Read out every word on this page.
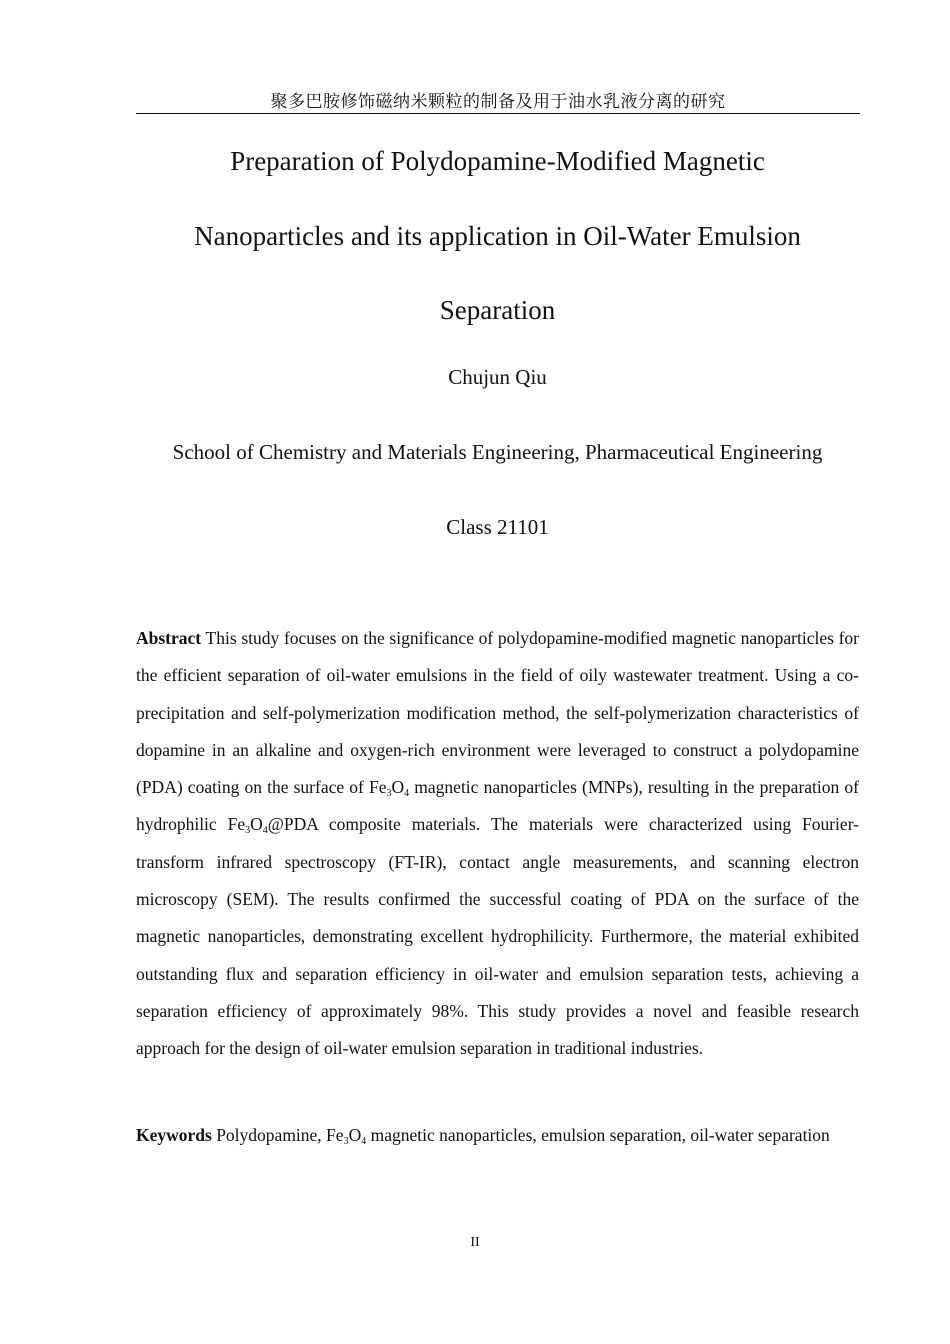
聚多巴胺修饰磁纳米颗粒的制备及用于油水乳液分离的研究
Preparation of Polydopamine-Modified Magnetic
Nanoparticles and its application in Oil-Water Emulsion
Separation
Chujun Qiu
School of Chemistry and Materials Engineering, Pharmaceutical Engineering
Class 21101

Abstract This study focuses on the significance of polydopamine-modified magnetic nanoparticles for the efficient separation of oil-water emulsions in the field of oily wastewater treatment. Using a co-precipitation and self-polymerization modification method, the self-polymerization characteristics of dopamine in an alkaline and oxygen-rich environment were leveraged to construct a polydopamine (PDA) coating on the surface of $Fe_3O_4$ magnetic nanoparticles (MNPs), resulting in the preparation of hydrophilic $Fe_3O_4@PDA$ composite materials. The materials were characterized using Fourier-transform infrared spectroscopy (FT-IR), contact angle measurements, and scanning electron microscopy (SEM). The results confirmed the successful coating of PDA on the surface of the magnetic nanoparticles, demonstrating excellent hydrophilicity. Furthermore, the material exhibited outstanding flux and separation efficiency in oil-water and emulsion separation tests, achieving a separation efficiency of approximately 98%. This study provides a novel and feasible research approach for the design of oil-water emulsion separation in traditional industries.

Keywords Polydopamine, $Fe_3O_4$ magnetic nanoparticles, emulsion separation, oil-water separation

II
